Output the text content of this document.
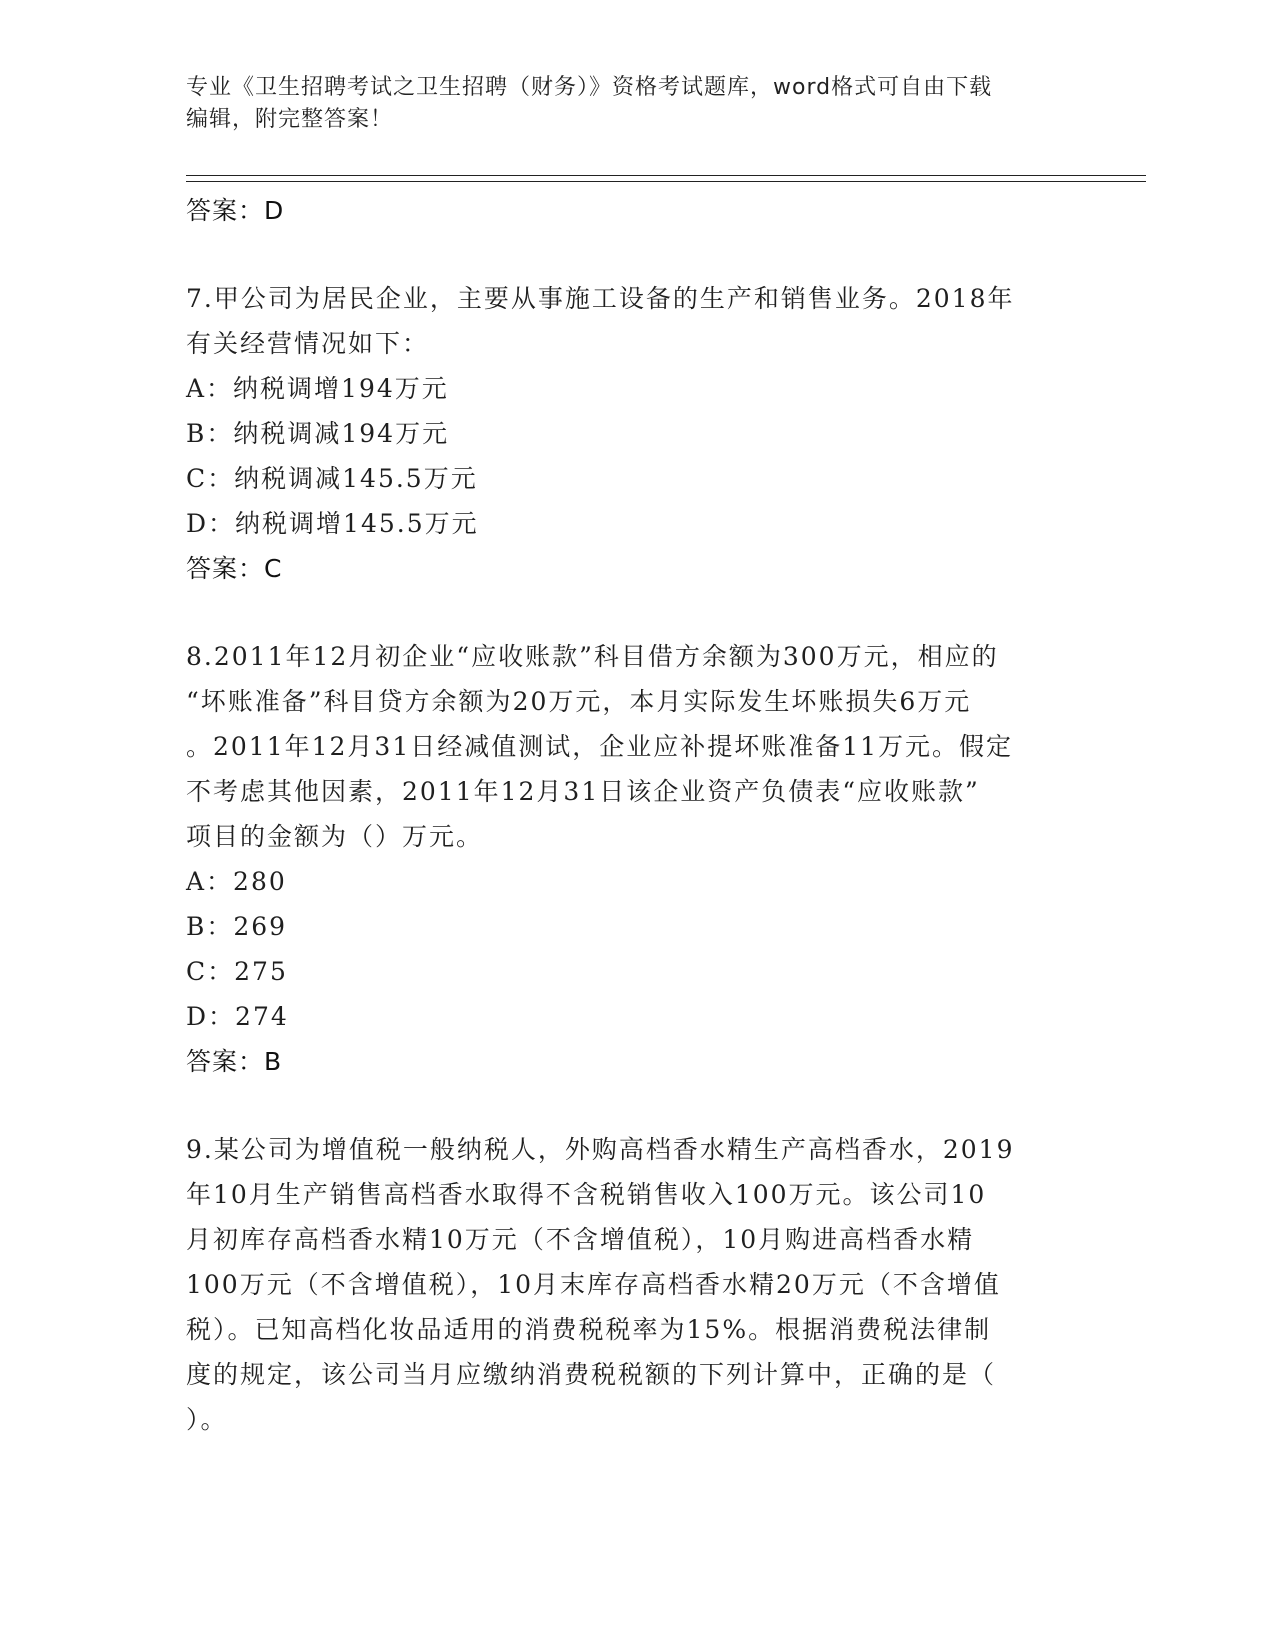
专业《卫生招聘考试之卫生招聘（财务）》资格考试题库，word格式可自由下载
编辑，附完整答案！
答案：D
7.甲公司为居民企业，主要从事施工设备的生产和销售业务。2018年
有关经营情况如下：
A：纳税调增194万元
B：纳税调减194万元
C：纳税调减145.5万元
D：纳税调增145.5万元
答案：C
8.2011年12月初企业“应收账款”科目借方余额为300万元，相应的
“坏账准备”科目贷方余额为20万元，本月实际发生坏账损失6万元
。2011年12月31日经减值测试，企业应补提坏账准备11万元。假定
不考虑其他因素，2011年12月31日该企业资产负债表“应收账款”
项目的金额为（）万元。
A：280
B：269
C：275
D：274
答案：B
9.某公司为增值税一般纳税人，外购高档香水精生产高档香水，2019
年10月生产销售高档香水取得不含税销售收入100万元。该公司10
月初库存高档香水精10万元（不含增值税），10月购进高档香水精
100万元（不含增值税），10月末库存高档香水精20万元（不含增值
税）。已知高档化妆品适用的消费税税率为15%。根据消费税法律制
度的规定，该公司当月应缴纳消费税税额的下列计算中，正确的是（
）。
